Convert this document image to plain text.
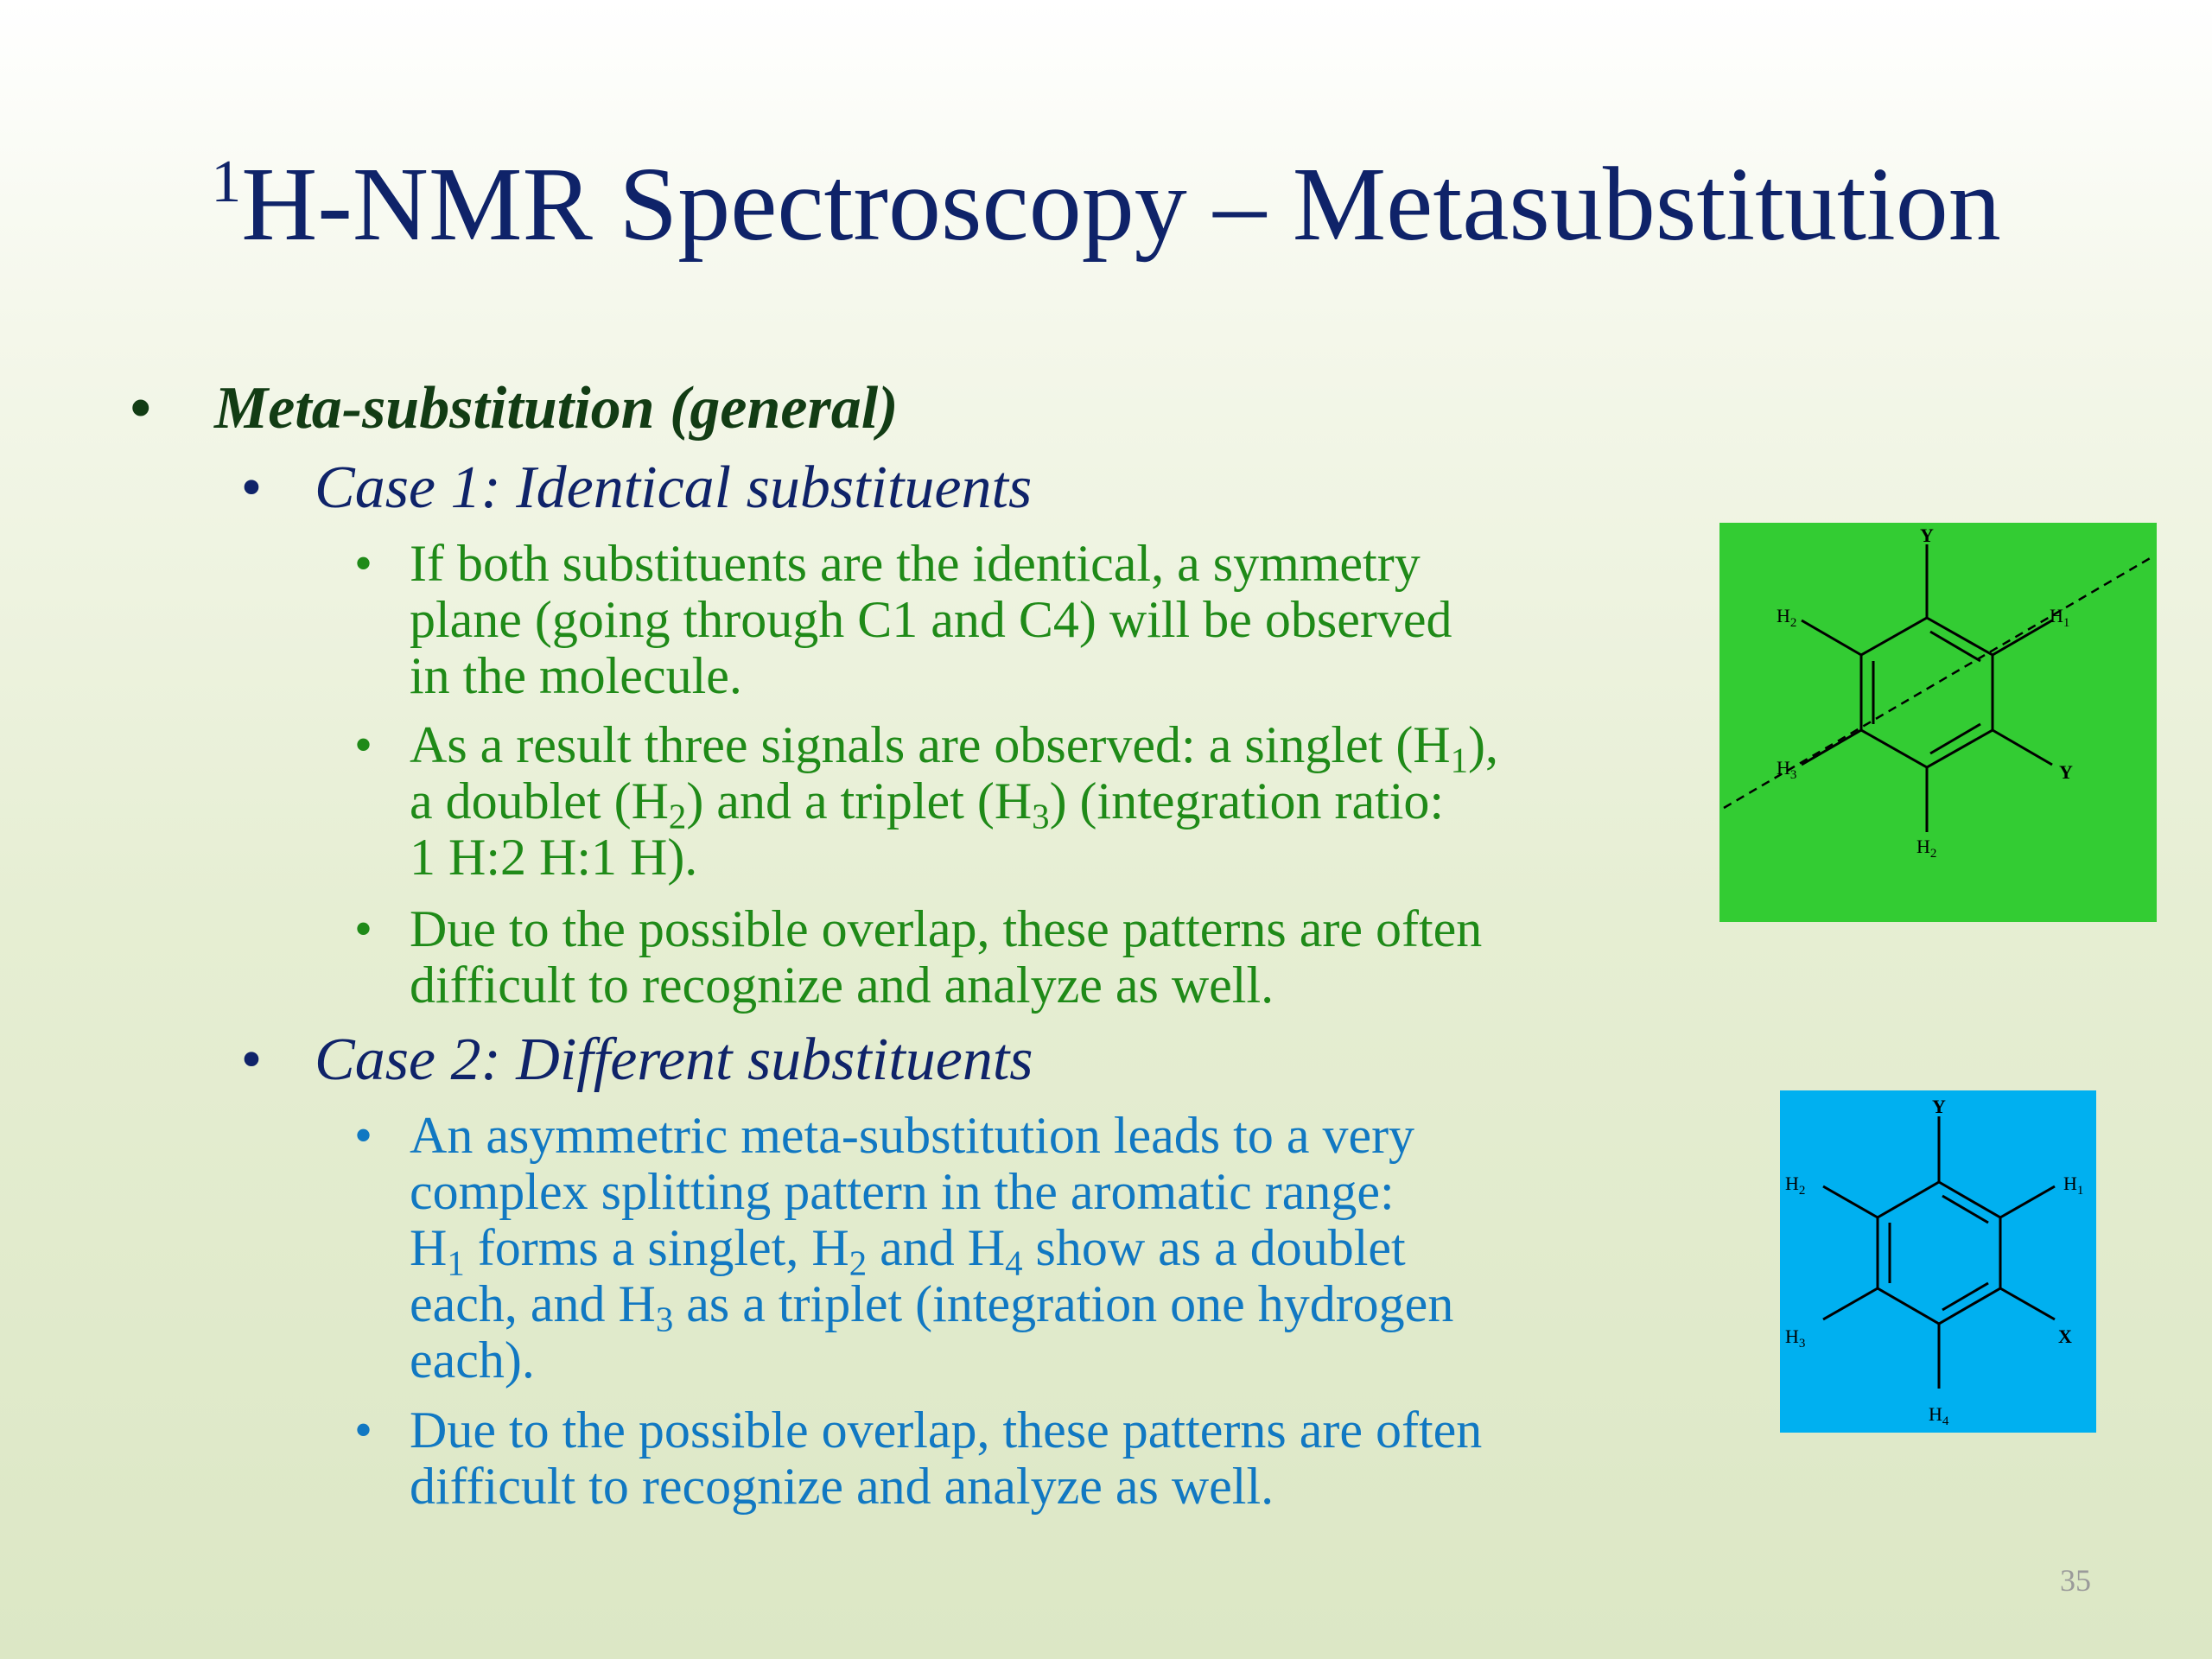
$^1$H-NMR Spectroscopy – Metasubstitution
• Meta-substitution (general)
• Case 1: Identical substituents
• If both substituents are the identical, a symmetry
plane (going through C1 and C4) will be observed
in the molecule.
• As a result three signals are observed: a singlet $(H_1)$,
a doublet $(H_2)$ and a triplet $(H_3)$ (integration ratio:
1 H:2 H:1 H).
• Due to the possible overlap, these patterns are often
difficult to recognize and analyze as well.
• Case 2: Different substituents
• An asymmetric meta-substitution leads to a very
complex splitting pattern in the aromatic range:
$H_1$ forms a singlet, $H_2$ and $H_4$ show as a doublet
each, and $H_3$ as a triplet (integration one hydrogen
each).
• Due to the possible overlap, these patterns are often
difficult to recognize and analyze as well.
Y
Y
$H_2$	$H_1$
$H_3$
$H_2$
Y
X
$H_2$	$H_1$
$H_3$
$H_4$
35
